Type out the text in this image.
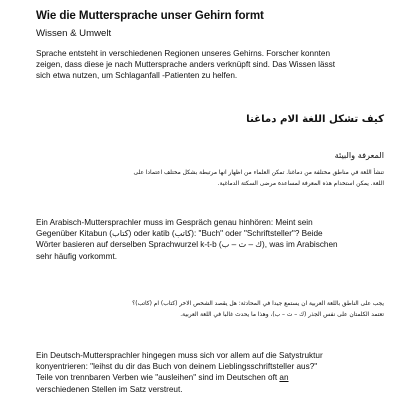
Wie die Muttersprache unser Gehirn formt
Wissen & Umwelt
Sprache entsteht in verschiedenen Regionen unseres Gehirns. Forscher konnten
zeigen, dass diese je nach Muttersprache anders verknüpft sind. Das Wissen lässt
sich etwa nutzen, um Schlaganfall -Patienten zu helfen.
كيف تشكل اللغة الام دماغنا
المعرفة والبيئة
تنشأ اللغة في مناطق مختلفة من دماغنا. تمكن العلماء من اظهار انها مرتبطة بشكل مختلف اعتمادا على
اللغة. يمكن استخدام هذه المعرفة لمساعدة مرضى السكتة الدماغية.
Ein Arabisch-Muttersprachler muss im Gespräch genau hinhören: Meint sein
Gegenüber Kitabun (كتاب) oder katib (كاتب): "Buch" oder "Schriftsteller"? Beide
Wörter basieren auf derselben Sprachwurzel k-t-b (ك – ت – ب), was im Arabischen
sehr häufig vorkommt.
يجب على الناطق باللغة العربية ان يستمع جيدا في المحادثة: هل يقصد الشخص الاخر (كتاب) ام (كاتب)؟
تعتمد الكلمتان على نفس الجذر (ك – ت – ب)، وهذا ما يحدث غالبا في اللغة العربية.
Ein Deutsch-Muttersprachler hingegen muss sich vor allem auf die Satystruktur
konyentrieren: "leihst du dir das Buch von deinem Lieblingsschriftsteller aus?"
Teile von trennbaren Verben wie "ausleihen" sind im Deutschen oft an
verschiedenen Stellen im Satz verstreut.
